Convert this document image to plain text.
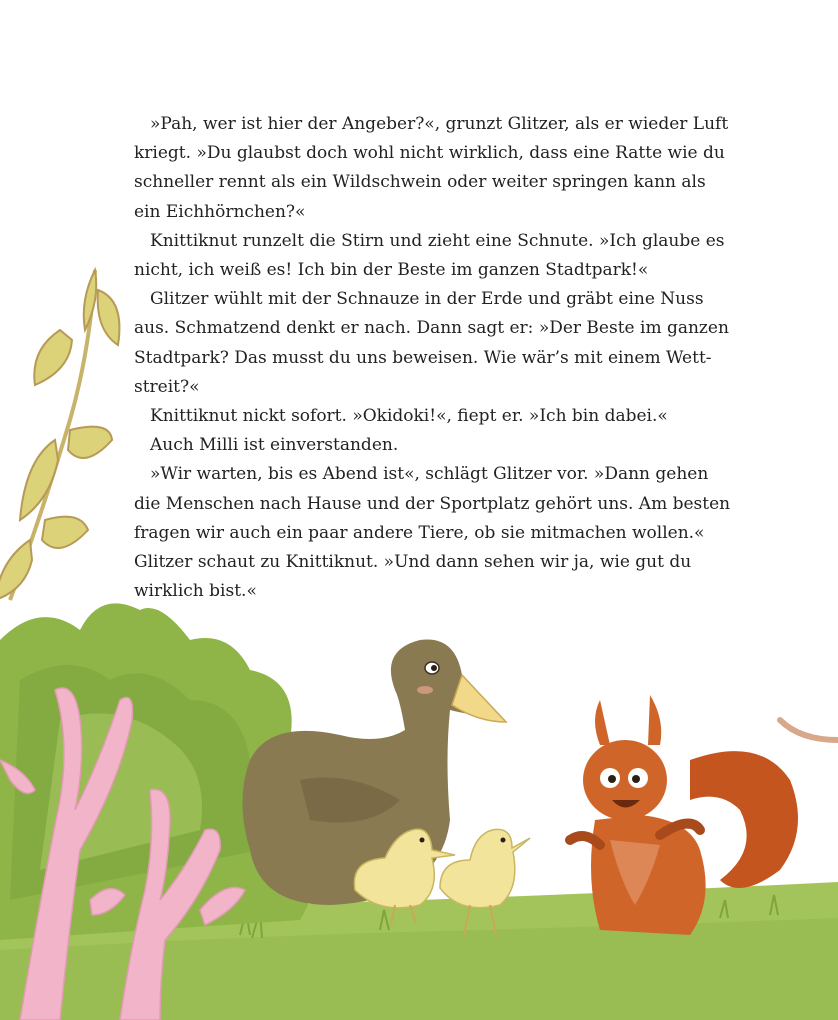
»Pah, wer ist hier der Angeber?«, grunzt Glitzer, als er wieder Luft
kriegt. »Du glaubst doch wohl nicht wirklich, dass eine Ratte wie du
schneller rennt als ein Wildschwein oder weiter springen kann als
ein Eichhörnchen?«
Knittiknut runzelt die Stirn und zieht eine Schnute. »Ich glaube es
nicht, ich weiß es! Ich bin der Beste im ganzen Stadtpark!«
Glitzer wühlt mit der Schnauze in der Erde und gräbt eine Nuss
aus. Schmatzend denkt er nach. Dann sagt er: »Der Beste im ganzen
Stadtpark? Das musst du uns beweisen. Wie wär’s mit einem Wett-
streit?«
Knittiknut nickt sofort. »Okidoki!«, fiept er. »Ich bin dabei.«
Auch Milli ist einverstanden.
»Wir warten, bis es Abend ist«, schlägt Glitzer vor. »Dann gehen
die Menschen nach Hause und der Sportplatz gehört uns. Am besten
fragen wir auch ein paar andere Tiere, ob sie mitmachen wollen.«
Glitzer schaut zu Knittiknut. »Und dann sehen wir ja, wie gut du
wirklich bist.«
